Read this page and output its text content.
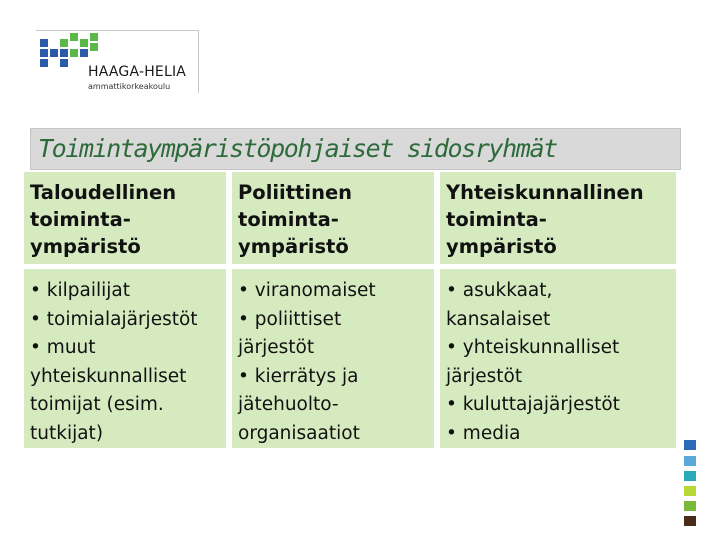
HAAGA-HELIA
ammattikorkeakoulu
Toimintaympäristöpohjaiset sidosryhmät
Taloudellinen
toiminta-
ympäristö
Poliittinen
toiminta-
ympäristö
Yhteiskunnallinen
toiminta-
ympäristö
• kilpailijat
• toimialajärjestöt
• muut
yhteiskunnalliset
toimijat (esim.
tutkijat)
• viranomaiset
• poliittiset
järjestöt
• kierrätys ja
jätehuolto-
organisaatiot
• asukkaat,
kansalaiset
• yhteiskunnalliset
järjestöt
• kuluttajajärjestöt
• media
